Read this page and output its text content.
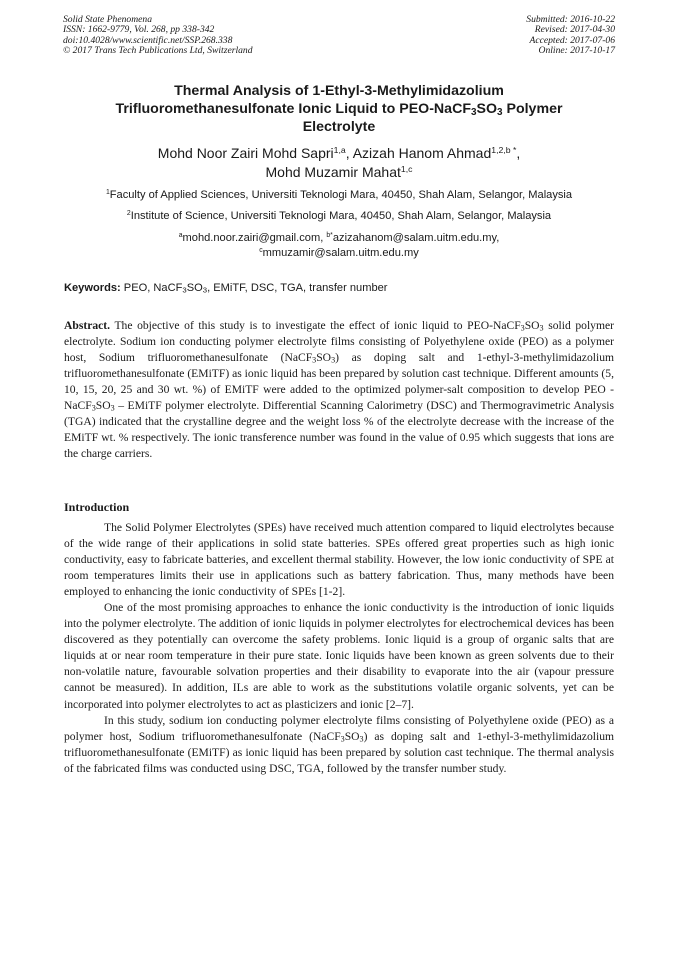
Solid State Phenomena
ISSN: 1662-9779, Vol. 268, pp 338-342
doi:10.4028/www.scientific.net/SSP.268.338
© 2017 Trans Tech Publications Ltd, Switzerland
Submitted: 2016-10-22
Revised: 2017-04-30
Accepted: 2017-07-06
Online: 2017-10-17
Thermal Analysis of 1-Ethyl-3-Methylimidazolium
Trifluoromethanesulfonate Ionic Liquid to PEO-$NaCF_3SO_3$ Polymer
Electrolyte
Mohd Noor Zairi Mohd Sapri$^{1,a}$, Azizah Hanom Ahmad$^{1,2,b *}$,
Mohd Muzamir Mahat$^{1,c}$
$^1$Faculty of Applied Sciences, Universiti Teknologi Mara, 40450, Shah Alam, Selangor, Malaysia
$^2$Institute of Science, Universiti Teknologi Mara, 40450, Shah Alam, Selangor, Malaysia
$^a$mohd.noor.zairi@gmail.com, $^{b*}$azizahanom@salam.uitm.edu.my,
$^c$mmuzamir@salam.uitm.edu.my
Keywords: PEO, $NaCF_3SO_3$, EMiTF, DSC, TGA, transfer number
Abstract. The objective of this study is to investigate the effect of ionic liquid to PEO-$NaCF_3SO_3$ solid polymer electrolyte. Sodium ion conducting polymer electrolyte films consisting of Polyethylene oxide (PEO) as a polymer host, Sodium trifluoromethanesulfonate $(NaCF_3SO_3)$ as doping salt and 1-ethyl-3-methylimidazolium trifluoromethanesulfonate (EMiTF) as ionic liquid has been prepared by solution cast technique. Different amounts (5, 10, 15, 20, 25 and 30 wt. %) of EMiTF were added to the optimized polymer-salt composition to develop PEO - $NaCF_3SO_3$ – EMiTF polymer electrolyte. Differential Scanning Calorimetry (DSC) and Thermogravimetric Analysis (TGA) indicated that the crystalline degree and the weight loss % of the electrolyte decrease with the increase of the EMiTF wt. % respectively. The ionic transference number was found in the value of 0.95 which suggests that ions are the charge carriers.
Introduction

The Solid Polymer Electrolytes (SPEs) have received much attention compared to liquid electrolytes because of the wide range of their applications in solid state batteries. SPEs offered great properties such as high ionic conductivity, easy to fabricate batteries, and excellent thermal stability. However, the low ionic conductivity of SPE at room temperatures limits their use in applications such as battery fabrication. Thus, many methods have been employed to enhancing the ionic conductivity of SPEs [1-2].

One of the most promising approaches to enhance the ionic conductivity is the introduction of ionic liquids into the polymer electrolyte. The addition of ionic liquids in polymer electrolytes for electrochemical devices has been discovered as they potentially can overcome the safety problems. Ionic liquid is a group of organic salts that are liquids at or near room temperature in their pure state. Ionic liquids have been known as green solvents due to their non-volatile nature, favourable solvation properties and their disability to evaporate into the air (vapour pressure cannot be measured). In addition, ILs are able to work as the substitutions volatile organic solvents, yet can be incorporated into polymer electrolytes to act as plasticizers and ionic [2–7].

In this study, sodium ion conducting polymer electrolyte films consisting of Polyethylene oxide (PEO) as a polymer host, Sodium trifluoromethanesulfonate $(NaCF_3SO_3)$ as doping salt and 1-ethyl-3-methylimidazolium trifluoromethanesulfonate (EMiTF) as ionic liquid has been prepared by solution cast technique. The thermal analysis of the fabricated films was conducted using DSC, TGA, followed by the transfer number study.
